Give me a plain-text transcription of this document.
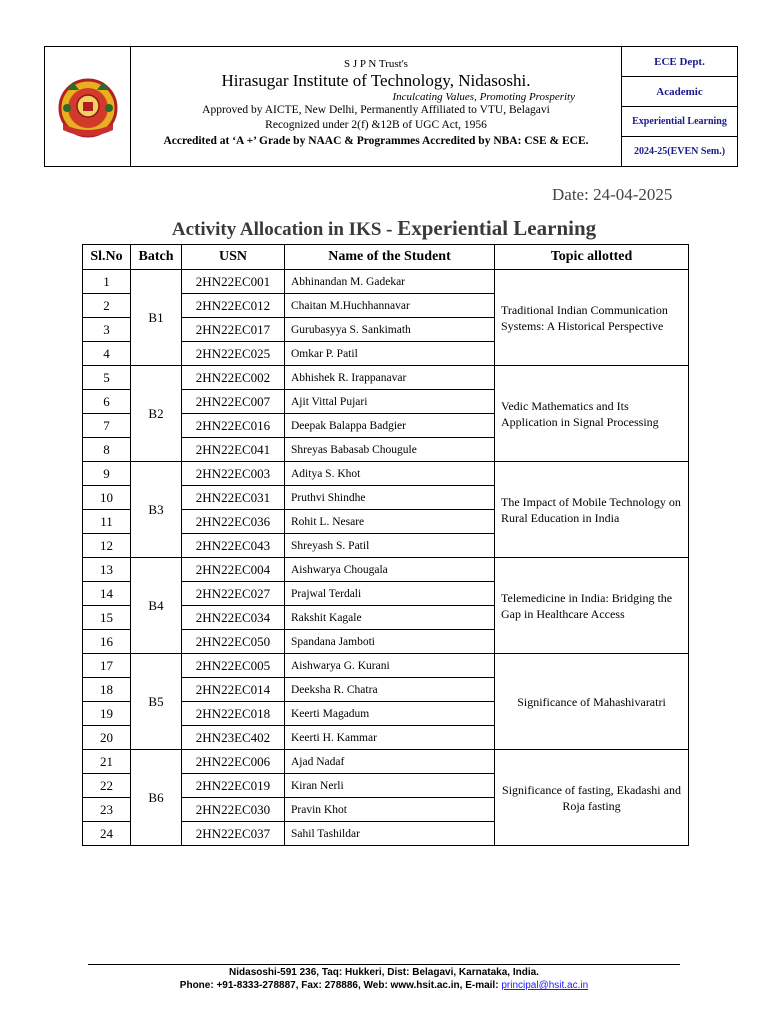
S J P N Trust's
Hirasugar Institute of Technology, Nidasoshi.
Inculcating Values, Promoting Prosperity
Approved by AICTE, New Delhi, Permanently Affiliated to VTU, Belagavi
Recognized under 2(f) &12B of UGC Act, 1956
Accredited at ‘A +’ Grade by NAAC & Programmes Accredited by NBA: CSE & ECE.
ECE Dept.
Academic
Experiential Learning
2024-25(EVEN Sem.)
Date: 24-04-2025
Activity Allocation in IKS - Experiential Learning
Sl.No	Batch	USN	Name of the Student	Topic allotted
1	B1	2HN22EC001	Abhinandan M. Gadekar	Traditional Indian Communication Systems: A Historical Perspective
2		2HN22EC012	Chaitan M.Huchhannavar	
3		2HN22EC017	Gurubasyya S. Sankimath	
4		2HN22EC025	Omkar P. Patil	
5	B2	2HN22EC002	Abhishek R. Irappanavar	Vedic Mathematics and Its Application in Signal Processing
6		2HN22EC007	Ajit Vittal Pujari	
7		2HN22EC016	Deepak Balappa Badgier	
8		2HN22EC041	Shreyas Babasab Chougule	
9	B3	2HN22EC003	Aditya S. Khot	The Impact of Mobile Technology on Rural Education in India
10		2HN22EC031	Pruthvi Shindhe	
11		2HN22EC036	Rohit L. Nesare	
12		2HN22EC043	Shreyash S. Patil	
13	B4	2HN22EC004	Aishwarya Chougala	Telemedicine in India: Bridging the Gap in Healthcare Access
14		2HN22EC027	Prajwal Terdali	
15		2HN22EC034	Rakshit Kagale	
16		2HN22EC050	Spandana Jamboti	
17	B5	2HN22EC005	Aishwarya G. Kurani	Significance of Mahashivaratri
18		2HN22EC014	Deeksha R. Chatra	
19		2HN22EC018	Keerti Magadum	
20		2HN23EC402	Keerti H. Kammar	
21	B6	2HN22EC006	Ajad Nadaf	Significance of fasting, Ekadashi and Roja fasting
22		2HN22EC019	Kiran Nerli	
23		2HN22EC030	Pravin Khot	
24		2HN22EC037	Sahil Tashildar	
Nidasoshi-591 236, Taq: Hukkeri, Dist: Belagavi, Karnataka, India.
Phone: +91-8333-278887, Fax: 278886, Web: www.hsit.ac.in, E-mail: principal@hsit.ac.in
